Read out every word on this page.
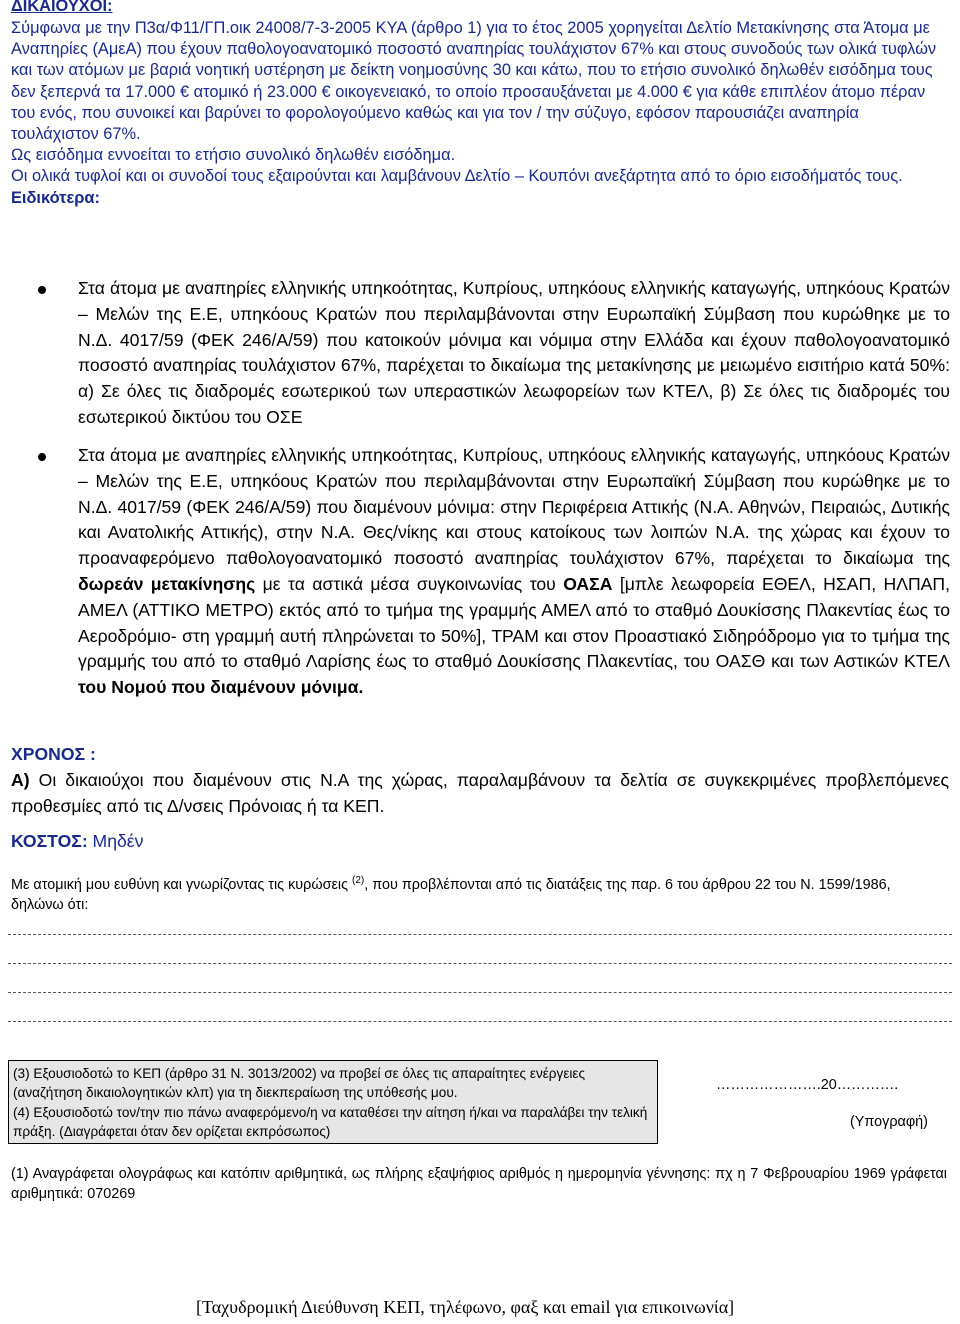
ΔΙΚΑΙΟΥΧΟΙ:
Σύμφωνα με την Π3α/Φ11/ΓΠ.οικ 24008/7-3-2005 ΚΥΑ (άρθρο 1) για το έτος 2005 χορηγείται Δελτίο Μετακίνησης στα Άτομα με Αναπηρίες (ΑμεΑ) που έχουν παθολογοανατομικό ποσοστό αναπηρίας τουλάχιστον 67% και στους συνοδούς των ολικά τυφλών και των ατόμων με βαριά νοητική υστέρηση με δείκτη νοημοσύνης 30 και κάτω, που το ετήσιο συνολικό δηλωθέν εισόδημα τους δεν ξεπερνά τα 17.000 € ατομικό ή 23.000 € οικογενειακό, το οποίο προσαυξάνεται με 4.000 € για κάθε επιπλέον άτομο πέραν του ενός, που συνοικεί και βαρύνει το φορολογούμενο καθώς και για τον / την σύζυγο, εφόσον παρουσιάζει αναπηρία τουλάχιστον 67%.
Ως εισόδημα εννοείται το ετήσιο συνολικό δηλωθέν εισόδημα.
Οι ολικά τυφλοί και οι συνοδοί τους εξαιρούνται και λαμβάνουν Δελτίο – Κουπόνι ανεξάρτητα από το όριο εισοδήματός τους.
Ειδικότερα:
Στα άτομα με αναπηρίες ελληνικής υπηκοότητας, Κυπρίους, υπηκόους ελληνικής καταγωγής, υπηκόους Κρατών – Μελών της Ε.Ε, υπηκόους Κρατών που περιλαμβάνονται στην Ευρωπαϊκή Σύμβαση που κυρώθηκε με το Ν.Δ. 4017/59 (ΦΕΚ 246/Α/59) που κατοικούν μόνιμα και νόμιμα στην Ελλάδα και έχουν παθολογοανατομικό ποσοστό αναπηρίας τουλάχιστον 67%, παρέχεται το δικαίωμα της μετακίνησης με μειωμένο εισιτήριο κατά 50%: α) Σε όλες τις διαδρομές εσωτερικού των υπεραστικών λεωφορείων των ΚΤΕΛ, β) Σε όλες τις διαδρομές του εσωτερικού δικτύου του ΟΣΕ
Στα άτομα με αναπηρίες ελληνικής υπηκοότητας, Κυπρίους, υπηκόους ελληνικής καταγωγής, υπηκόους Κρατών – Μελών της Ε.Ε, υπηκόους Κρατών που περιλαμβάνονται στην Ευρωπαϊκή Σύμβαση που κυρώθηκε με το Ν.Δ. 4017/59 (ΦΕΚ 246/Α/59) που διαμένουν μόνιμα: στην Περιφέρεια Αττικής (Ν.Α. Αθηνών, Πειραιώς, Δυτικής και Ανατολικής Αττικής), στην Ν.Α. Θες/νίκης και στους κατοίκους των λοιπών Ν.Α. της χώρας και έχουν το προαναφερόμενο παθολογοανατομικό ποσοστό αναπηρίας τουλάχιστον 67%, παρέχεται το δικαίωμα της δωρεάν μετακίνησης με τα αστικά μέσα συγκοινωνίας του ΟΑΣΑ [μπλε λεωφορεία ΕΘΕΛ, ΗΣΑΠ, ΗΛΠΑΠ, ΑΜΕΛ (ΑΤΤΙΚΟ ΜΕΤΡΟ) εκτός από το τμήμα της γραμμής ΑΜΕΛ από το σταθμό Δουκίσσης Πλακεντίας έως το Αεροδρόμιο- στη γραμμή αυτή πληρώνεται το 50%], ΤΡΑΜ και στον Προαστιακό Σιδηρόδρομο για το τμήμα της γραμμής του από το σταθμό Λαρίσης έως το σταθμό Δουκίσσης Πλακεντίας, του ΟΑΣΘ και των Αστικών ΚΤΕΛ του Νομού που διαμένουν μόνιμα.
ΧΡΟΝΟΣ :
Α) Οι δικαιούχοι που διαμένουν στις Ν.Α της χώρας, παραλαμβάνουν τα δελτία σε συγκεκριμένες προβλεπόμενες προθεσμίες από τις Δ/νσεις Πρόνοιας ή τα ΚΕΠ.
ΚΟΣΤΟΣ: Μηδέν
Με ατομική μου ευθύνη και γνωρίζοντας τις κυρώσεις $^{(2)}$, που προβλέπονται από τις διατάξεις της παρ. 6 του άρθρου 22 του Ν. 1599/1986, δηλώνω ότι:
(3) Εξουσιοδοτώ το ΚΕΠ (άρθρο 31 Ν. 3013/2002) να προβεί σε όλες τις απαραίτητες ενέργειες (αναζήτηση δικαιολογητικών κλπ) για τη διεκπεραίωση της υπόθεσής μου.
(4) Εξουσιοδοτώ τον/την πιο πάνω αναφερόμενο/η να καταθέσει την αίτηση ή/και να παραλάβει την τελική πράξη. (Διαγράφεται όταν δεν ορίζεται εκπρόσωπος)
………………….20………….
(Υπογραφή)
(1) Αναγράφεται ολογράφως και κατόπιν αριθμητικά, ως πλήρης εξαψήφιος αριθμός η ημερομηνία γέννησης: πχ η 7 Φεβρουαρίου 1969 γράφεται αριθμητικά: 070269
[Ταχυδρομική Διεύθυνση ΚΕΠ, τηλέφωνο, φαξ και email για επικοινωνία]
